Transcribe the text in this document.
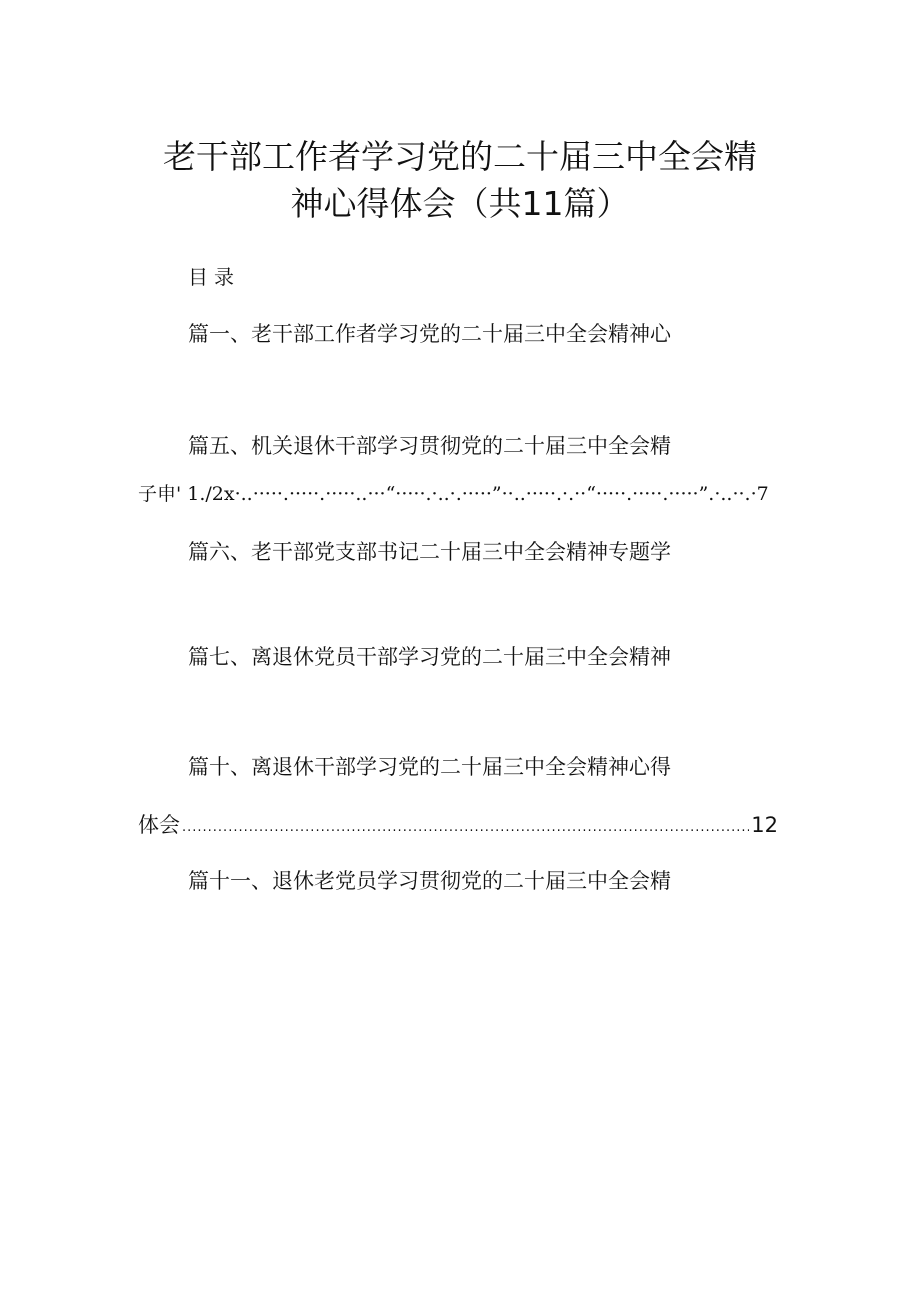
老干部工作者学习党的二十届三中全会精
神心得体会（共11篇）
目录
篇一、老干部工作者学习党的二十届三中全会精神心
篇五、机关退休干部学习贯彻党的二十届三中全会精
子申' 1./2x·..·····.·····.·····..···“·····.·..·.·····”··..·····.·.··“·····.·····.·····”.·..··.·7
篇六、老干部党支部书记二十届三中全会精神专题学
篇七、离退休党员干部学习党的二十届三中全会精神
篇十、离退休干部学习党的二十届三中全会精神心得
体会
.....	12
篇十一、退休老党员学习贯彻党的二十届三中全会精
